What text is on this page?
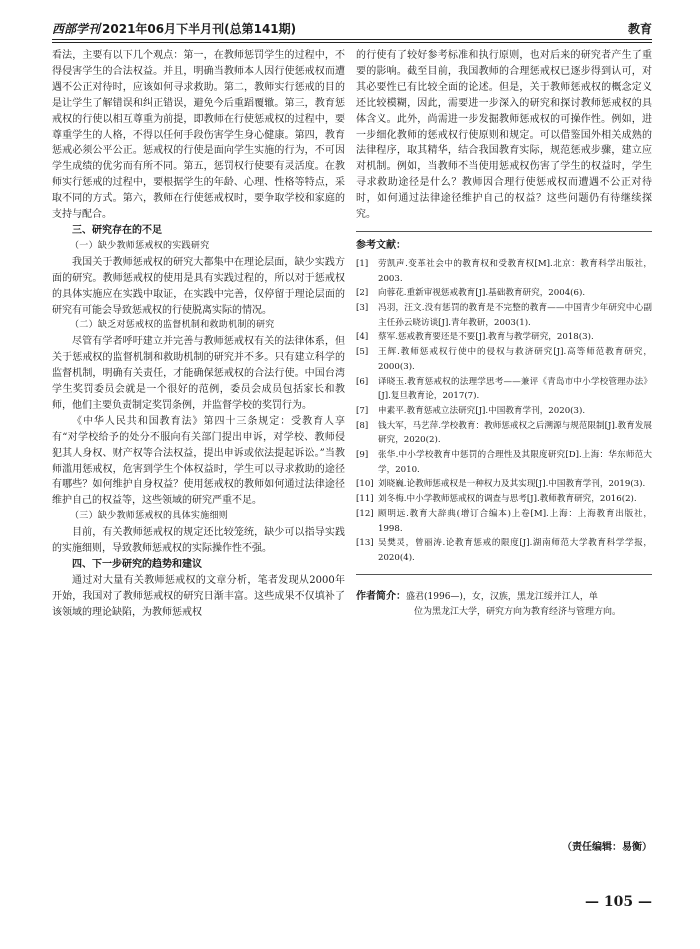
西部学刊 2021年06月下半月刊(总第141期)	教育

看法，主要有以下几个观点：第一，在教师惩罚学生的过程中，不得侵害学生的合法权益。并且，明确当教师本人因行使惩戒权而遭遇不公正对待时，应该如何寻求救助。第二，教师实行惩戒的目的是让学生了解错误和纠正错误，避免今后重蹈覆辙。第三，教育惩戒权的行使以相互尊重为前提，即教师在行使惩戒权的过程中，要尊重学生的人格，不得以任何手段伤害学生身心健康。第四，教育惩戒必须公平公正。惩戒权的行使是面向学生实施的行为，不可因学生成绩的优劣而有所不同。第五，惩罚权行使要有灵活度。在教师实行惩戒的过程中，要根据学生的年龄、心理、性格等特点，采取不同的方式。第六，教师在行使惩戒权时，要争取学校和家庭的支持与配合。

三、研究存在的不足

（一）缺少教师惩戒权的实践研究

我国关于教师惩戒权的研究大都集中在理论层面，缺少实践方面的研究。教师惩戒权的使用是具有实践过程的，所以对于惩戒权的具体实施应在实践中取证，在实践中完善，仅停留于理论层面的研究有可能会导致惩戒权的行使脱离实际的情况。

（二）缺乏对惩戒权的监督机制和救助机制的研究

尽管有学者呼吁建立并完善与教师惩戒权有关的法律体系，但关于惩戒权的监督机制和救助机制的研究并不多。只有建立科学的监督机制，明确有关责任，才能确保惩戒权的合法行使。中国台湾学生奖罚委员会就是一个很好的范例，委员会成员包括家长和教师，他们主要负责制定奖罚条例，并监督学校的奖罚行为。

《中华人民共和国教育法》第四十三条规定：受教育人享有“对学校给予的处分不服向有关部门提出申诉，对学校、教师侵犯其人身权、财产权等合法权益，提出申诉或依法提起诉讼。”当教师滥用惩戒权，危害到学生个体权益时，学生可以寻求救助的途径有哪些？如何维护自身权益？使用惩戒权的教师如何通过法律途径维护自己的权益等，这些领域的研究严重不足。

（三）缺少教师惩戒权的具体实施细则

目前，有关教师惩戒权的规定还比较笼统，缺少可以指导实践的实施细则，导致教师惩戒权的实际操作性不强。

四、下一步研究的趋势和建议

通过对大量有关教师惩戒权的文章分析，笔者发现从2000年开始，我国对了教师惩戒权的研究日渐丰富。这些成果不仅填补了该领域的理论缺陷，为教师惩戒权

的行使有了较好参考标准和执行原则，也对后来的研究者产生了重要的影响。截至目前，我国教师的合理惩戒权已逐步得到认可，对其必要性已有比较全面的论述。但是，关于教师惩戒权的概念定义还比较模糊，因此，需要进一步深入的研究和探讨教师惩戒权的具体含义。此外，尚需进一步发掘教师惩戒权的可操作性。例如，进一步细化教师的惩戒权行使原则和规定。可以借鉴国外相关成熟的法律程序，取其精华，结合我国教育实际，规范惩戒步骤，建立应对机制。例如，当教师不当使用惩戒权伤害了学生的权益时，学生寻求救助途径是什么？教师因合理行使惩戒权而遭遇不公正对待时，如何通过法律途径维护自己的权益？这些问题仍有待继续探究。

参考文献：
[1] 劳凯声.变革社会中的教育权和受教育权[M].北京：教育科学出版社，2003.
[2] 向蓉花.重新审视惩戒教育[J].基础教育研究，2004(6).
[3] 冯羽，汪文.没有惩罚的教育是不完整的教育——中国青少年研究中心副主任孙云晓访谈[J].青年教研，2003(1).
[4] 蔡军.惩戒教育要还是不要[J].教育与教学研究，2018(3).
[5] 王辉.教师惩戒权行使中的侵权与救济研究[J].高等师范教育研究，2000(3).
[6] 译晓玉.教育惩戒权的法理学思考——兼评《青岛市中小学校管理办法》[J].复旦教育论，2017(7).
[7] 申素平.教育惩戒立法研究[J].中国教育学刊，2020(3).
[8] 钱大军，马艺萍.学校教育：教师惩戒权之后溯源与规范限制[J].教育发展研究，2020(2).
[9] 张华.中小学校教育中惩罚的合理性及其限度研究[D].上海：华东师范大学，2010.
[10] 刘晓巍.论教师惩戒权是一种权力及其实现[J].中国教育学刊，2019(3).
[11] 刘冬梅.中小学教师惩戒权的调查与思考[J].教师教育研究，2016(2).
[12] 顾明远.教育大辞典(增订合编本)上卷[M].上海：上海教育出版社，1998.
[13] 吴樊灵，曾丽涛.论教育惩戒的限度[J].湖南师范大学教育科学学报，2020(4).
作者简介：盛君(1996—)，女，汉族，黑龙江绥并江人，单
位为黑龙江大学，研究方向为教育经济与管理方向。
（责任编辑：易衡）
— 105 —
